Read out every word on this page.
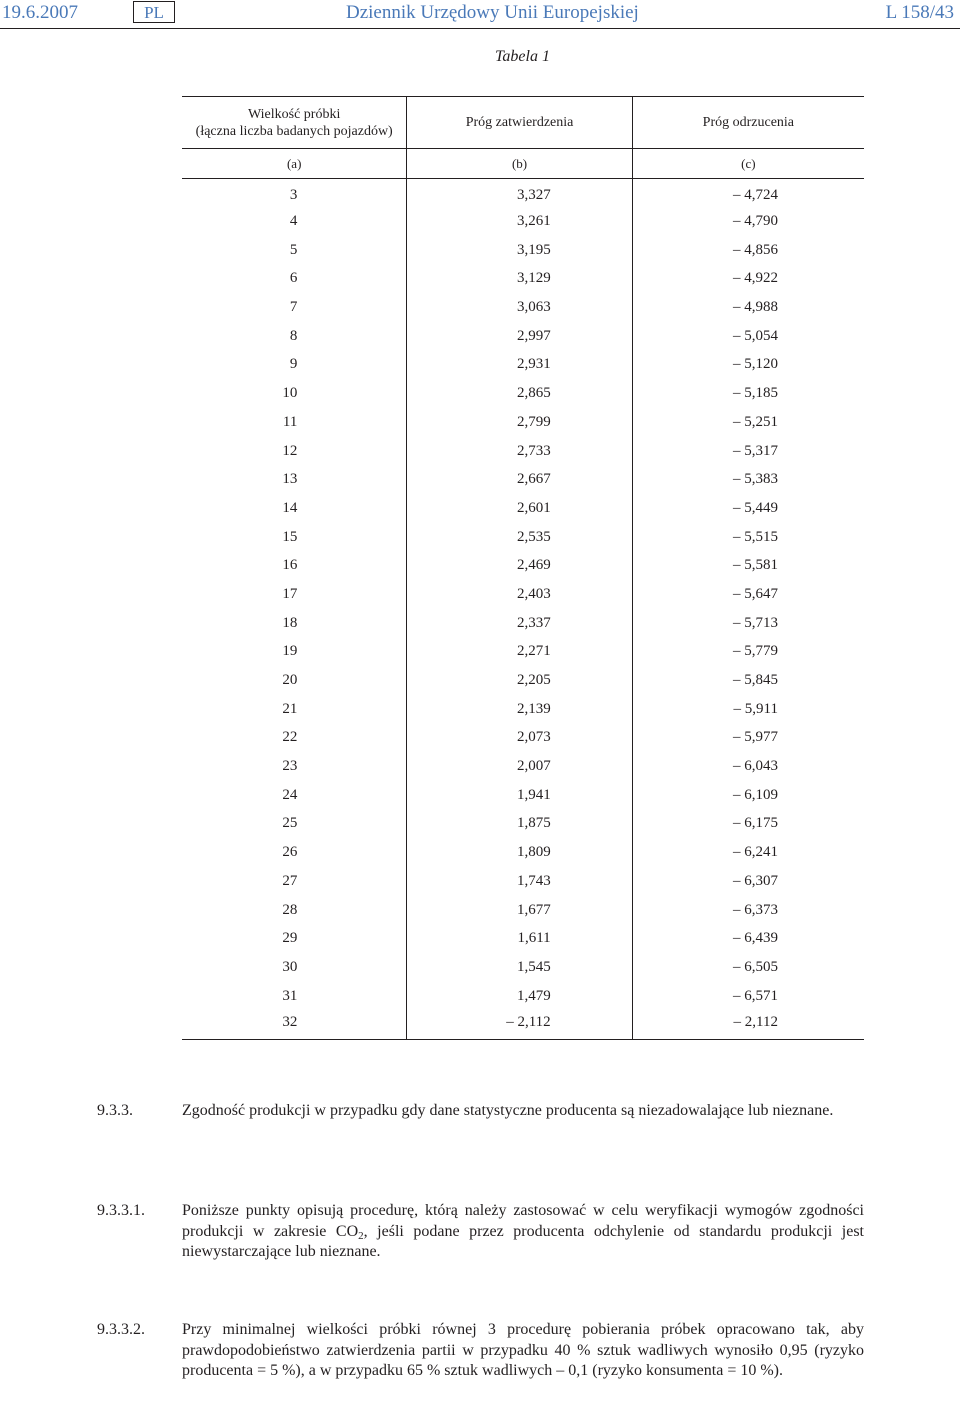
19.6.2007	PL	Dziennik Urzędowy Unii Europejskiej	L 158/43
Tabela 1
Wielkość próbki
(łączna liczba badanych pojazdów)	Próg zatwierdzenia	Próg odrzucenia

(a)	(b)	(c)
3	3,327	– 4,724
4	3,261	– 4,790
5	3,195	– 4,856
6	3,129	– 4,922
7	3,063	– 4,988
8	2,997	– 5,054
9	2,931	– 5,120
10	2,865	– 5,185
11	2,799	– 5,251
12	2,733	– 5,317
13	2,667	– 5,383
14	2,601	– 5,449
15	2,535	– 5,515
16	2,469	– 5,581
17	2,403	– 5,647
18	2,337	– 5,713
19	2,271	– 5,779
20	2,205	– 5,845
21	2,139	– 5,911
22	2,073	– 5,977
23	2,007	– 6,043
24	1,941	– 6,109
25	1,875	– 6,175
26	1,809	– 6,241
27	1,743	– 6,307
28	1,677	– 6,373
29	1,611	– 6,439
30	1,545	– 6,505
31	1,479	– 6,571
32	– 2,112	– 2,112
9.3.3.	Zgodność produkcji w przypadku gdy dane statystyczne producenta są niezadowalające lub nieznane.
9.3.3.1. Poniższe punkty opisują procedurę, którą należy zastosować w celu weryfikacji wymogów zgodności produkcji w zakresie $CO_2$, jeśli podane przez producenta odchylenie od standardu produkcji jest niewystarczające lub nieznane.
9.3.3.2. Przy minimalnej wielkości próbki równej 3 procedurę pobierania próbek opracowano tak, aby prawdopodobieństwo zatwierdzenia partii w przypadku 40 % sztuk wadliwych wynosiło 0,95 (ryzyko producenta = 5 %), a w przypadku 65 % sztuk wadliwych – 0,1 (ryzyko konsumenta = 10 %).
